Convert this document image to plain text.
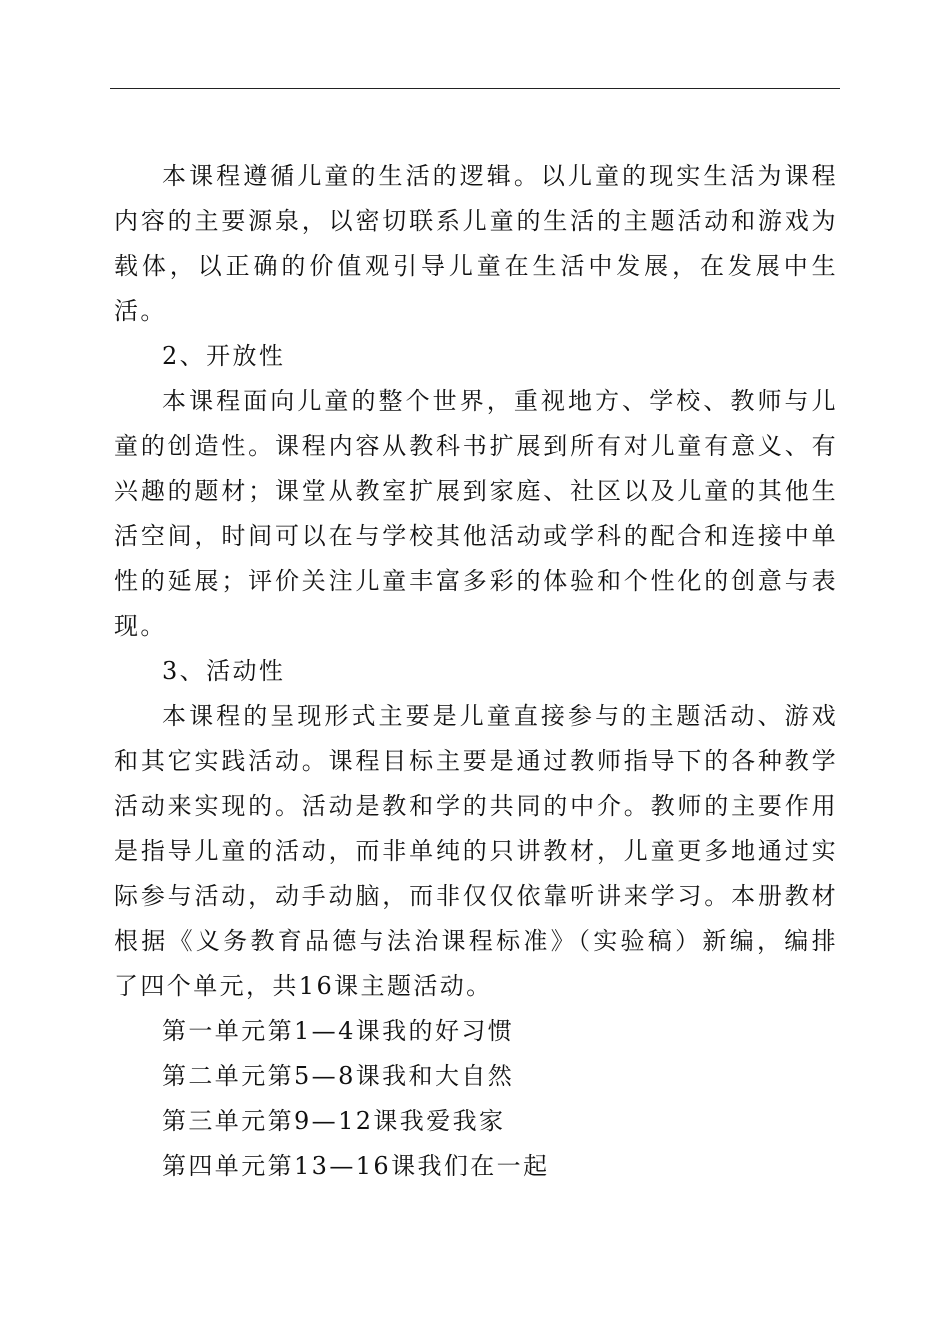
本课程遵循儿童的生活的逻辑。以儿童的现实生活为课程内容的主要源泉，以密切联系儿童的生活的主题活动和游戏为载体，以正确的价值观引导儿童在生活中发展，在发展中生活。

2、开放性

本课程面向儿童的整个世界，重视地方、学校、教师与儿童的创造性。课程内容从教科书扩展到所有对儿童有意义、有兴趣的题材；课堂从教室扩展到家庭、社区以及儿童的其他生活空间，时间可以在与学校其他活动或学科的配合和连接中单性的延展；评价关注儿童丰富多彩的体验和个性化的创意与表现。

3、活动性

本课程的呈现形式主要是儿童直接参与的主题活动、游戏和其它实践活动。课程目标主要是通过教师指导下的各种教学活动来实现的。活动是教和学的共同的中介。教师的主要作用是指导儿童的活动，而非单纯的只讲教材，儿童更多地通过实际参与活动，动手动脑，而非仅仅依靠听讲来学习。本册教材根据《义务教育品德与法治课程标准》（实验稿）新编，编排了四个单元，共16课主题活动。

第一单元第1—4课我的好习惯

第二单元第5—8课我和大自然

第三单元第9—12课我爱我家

第四单元第13—16课我们在一起
